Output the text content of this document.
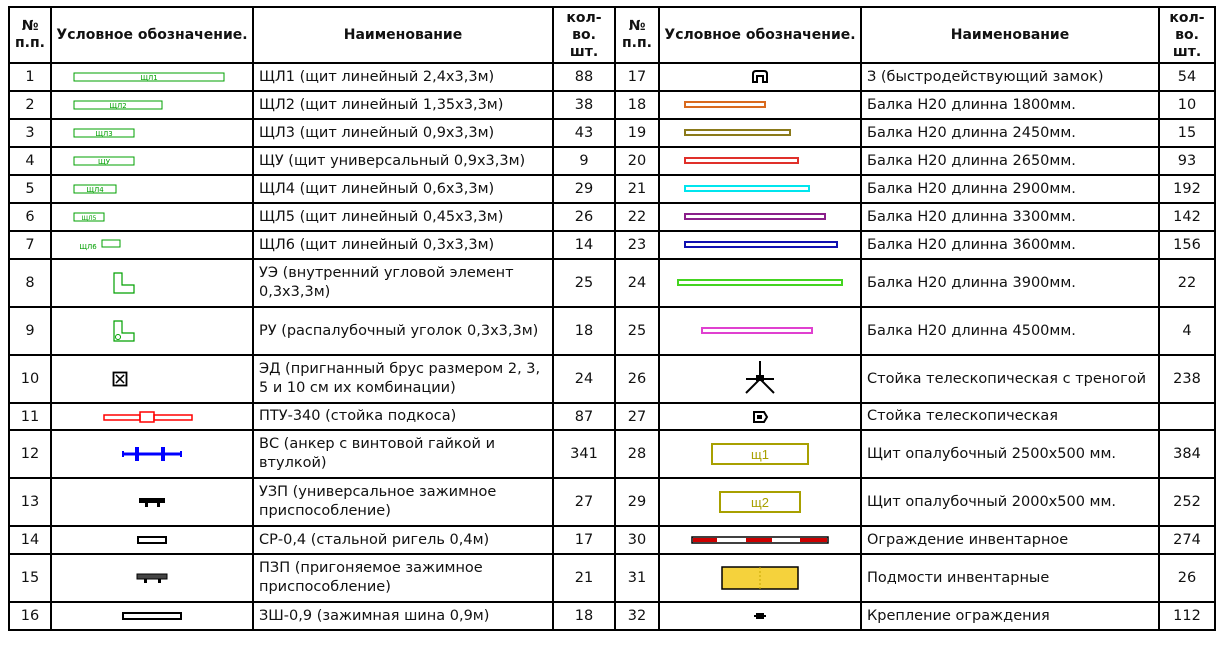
№ п.п.	Условное обозначение.	Наименование	кол-во. шт.	№ п.п.	Условное обозначение.	Наименование	кол-во. шт.
1	ЩЛ1	ЩЛ1 (щит линейный 2,4х3,3м)	88	17		З (быстродействующий замок)	54
2	ЩЛ2	ЩЛ2 (щит линейный 1,35х3,3м)	38	18		Балка Н20 длинна 1800мм.	10
3	ЩЛ3	ЩЛ3 (щит линейный 0,9х3,3м)	43	19		Балка Н20 длинна 2450мм.	15
4	ЩУ	ЩУ (щит универсальный 0,9х3,3м)	9	20		Балка Н20 длинна 2650мм.	93
5	ЩЛ4	ЩЛ4 (щит линейный 0,6х3,3м)	29	21		Балка Н20 длинна 2900мм.	192
6	ЩЛ5	ЩЛ5 (щит линейный 0,45х3,3м)	26	22		Балка Н20 длинна 3300мм.	142
7	ЩЛ6	ЩЛ6 (щит линейный 0,3х3,3м)	14	23		Балка Н20 длинна 3600мм.	156
8		УЭ (внутренний угловой элемент 0,3х3,3м)	25	24		Балка Н20 длинна 3900мм.	22
9		РУ (распалубочный уголок 0,3х3,3м)	18	25		Балка Н20 длинна 4500мм.	4
10		ЭД (пригнанный брус размером 2, 3, 5 и 10 см их комбинации)	24	26		Стойка телескопическая с треногой	238
11		ПТУ-340 (стойка подкоса)	87	27		Стойка телескопическая	
12		ВС (анкер с винтовой гайкой и втулкой)	341	28	щ1	Щит опалубочный 2500х500 мм.	384
13		УЗП (универсальное зажимное приспособление)	27	29	щ2	Щит опалубочный 2000х500 мм.	252
14		СР-0,4 (стальной ригель 0,4м)	17	30		Ограждение инвентарное	274
15		ПЗП (пригоняемое зажимное приспособление)	21	31		Подмости инвентарные	26
16		ЗШ-0,9 (зажимная шина 0,9м)	18	32		Крепление ограждения	112
